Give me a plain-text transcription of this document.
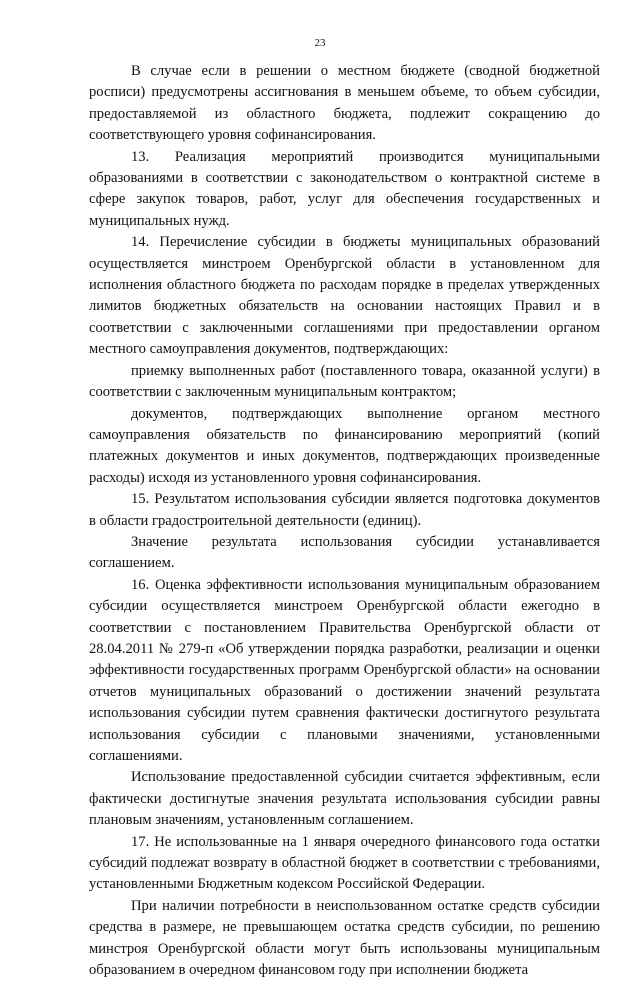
23

В случае если в решении о местном бюджете (сводной бюджетной росписи) предусмотрены ассигнования в меньшем объеме, то объем субсидии, предоставляемой из областного бюджета, подлежит сокращению до соответствующего уровня софинансирования.

13. Реализация мероприятий производится муниципальными образованиями в соответствии с законодательством о контрактной системе в сфере закупок товаров, работ, услуг для обеспечения государственных и муниципальных нужд.

14. Перечисление субсидии в бюджеты муниципальных образований осуществляется минстроем Оренбургской области в установленном для исполнения областного бюджета по расходам порядке в пределах утвержденных лимитов бюджетных обязательств на основании настоящих Правил и в соответствии с заключенными соглашениями при предоставлении органом местного самоуправления документов, подтверждающих:

приемку выполненных работ (поставленного товара, оказанной услуги) в соответствии с заключенным муниципальным контрактом;

документов, подтверждающих выполнение органом местного самоуправления обязательств по финансированию мероприятий (копий платежных документов и иных документов, подтверждающих произведенные расходы) исходя из установленного уровня софинансирования.

15. Результатом использования субсидии является подготовка документов в области градостроительной деятельности (единиц).

Значение результата использования субсидии устанавливается соглашением.

16. Оценка эффективности использования муниципальным образованием субсидии осуществляется минстроем Оренбургской области ежегодно в соответствии с постановлением Правительства Оренбургской области от 28.04.2011 № 279-п «Об утверждении порядка разработки, реализации и оценки эффективности государственных программ Оренбургской области» на основании отчетов муниципальных образований о достижении значений результата использования субсидии путем сравнения фактически достигнутого результата использования субсидии с плановыми значениями, установленными соглашениями.

Использование предоставленной субсидии считается эффективным, если фактически достигнутые значения результата использования субсидии равны плановым значениям, установленным соглашением.

17. Не использованные на 1 января очередного финансового года остатки субсидий подлежат возврату в областной бюджет в соответствии с требованиями, установленными Бюджетным кодексом Российской Федерации.

При наличии потребности в неиспользованном остатке средств субсидии средства в размере, не превышающем остатка средств субсидии, по решению минстроя Оренбургской области могут быть использованы муниципальным образованием в очередном финансовом году при исполнении бюджета
